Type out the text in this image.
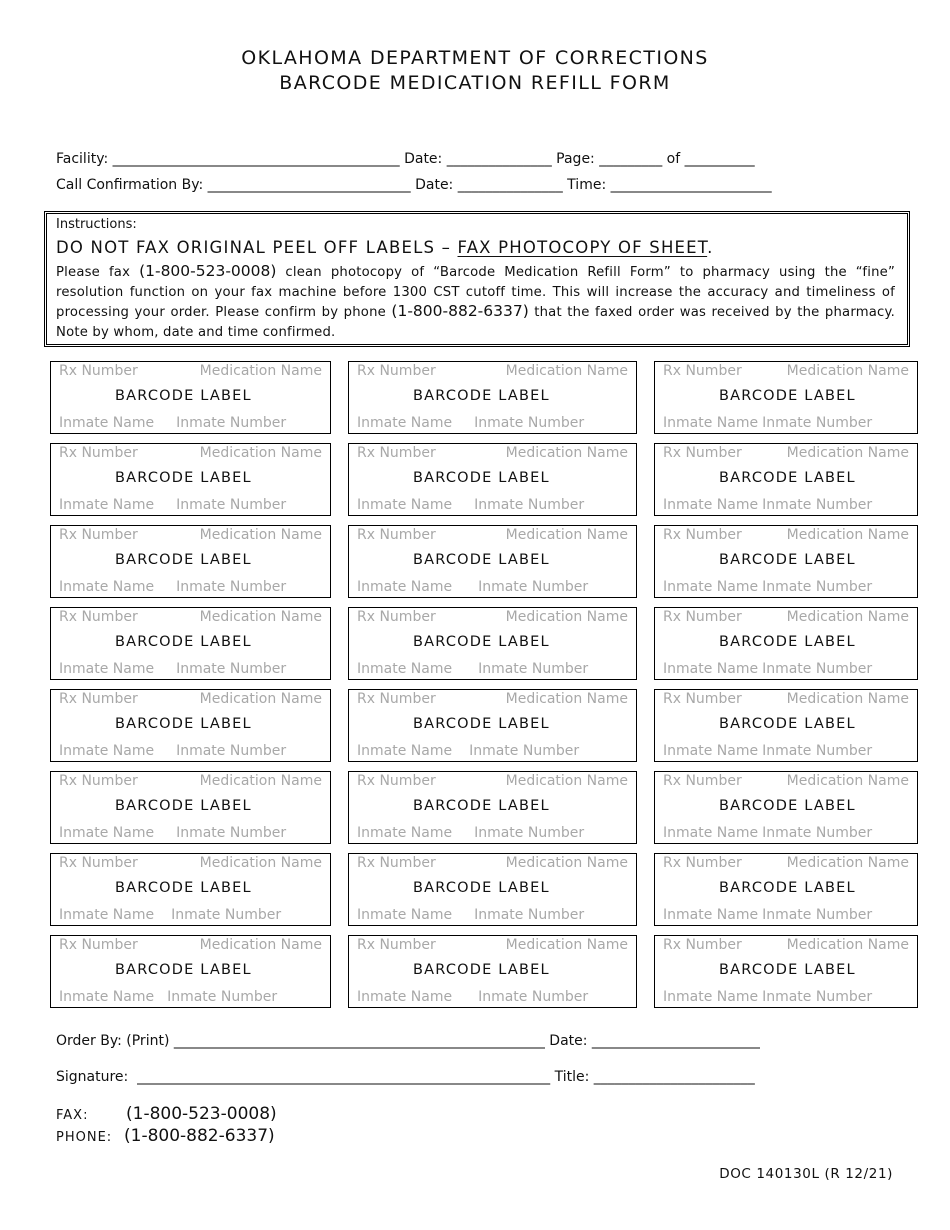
OKLAHOMA DEPARTMENT OF CORRECTIONS
BARCODE MEDICATION REFILL FORM
Facility: _________________________________________ Date: _______________ Page: _________ of __________
Call Confirmation By: _____________________________ Date: _______________ Time: _______________________
Instructions:
DO NOT FAX ORIGINAL PEEL OFF LABELS – FAX PHOTOCOPY OF SHEET.
Please fax (1-800-523-0008) clean photocopy of “Barcode Medication Refill Form” to pharmacy using the “fine” resolution function on your fax machine before 1300 CST cutoff time. This will increase the accuracy and timeliness of processing your order. Please confirm by phone (1-800-882-6337) that the faxed order was received by the pharmacy. Note by whom, date and time confirmed.
Rx Number	Medication Name
BARCODE LABEL
Inmate Name Inmate Number
Rx Number	Medication Name
BARCODE LABEL
Inmate Name Inmate Number
Rx Number	Medication Name
BARCODE LABEL
Inmate Name Inmate Number
Rx Number	Medication Name
BARCODE LABEL
Inmate Name Inmate Number
Rx Number	Medication Name
BARCODE LABEL
Inmate Name Inmate Number
Rx Number	Medication Name
BARCODE LABEL
Inmate Name Inmate Number
Rx Number	Medication Name
BARCODE LABEL
Inmate Name Inmate Number
Rx Number	Medication Name
BARCODE LABEL
Inmate Name Inmate Number
Rx Number	Medication Name
BARCODE LABEL
Inmate Name Inmate Number
Rx Number	Medication Name
BARCODE LABEL
Inmate Name Inmate Number
Rx Number	Medication Name
BARCODE LABEL
Inmate Name Inmate Number
Rx Number	Medication Name
BARCODE LABEL
Inmate Name Inmate Number
Rx Number	Medication Name
BARCODE LABEL
Inmate Name Inmate Number
Rx Number	Medication Name
BARCODE LABEL
Inmate Name Inmate Number
Rx Number	Medication Name
BARCODE LABEL
Inmate Name Inmate Number
Rx Number	Medication Name
BARCODE LABEL
Inmate Name Inmate Number
Rx Number	Medication Name
BARCODE LABEL
Inmate Name Inmate Number
Rx Number	Medication Name
BARCODE LABEL
Inmate Name Inmate Number
Rx Number	Medication Name
BARCODE LABEL
Inmate Name Inmate Number
Rx Number	Medication Name
BARCODE LABEL
Inmate Name Inmate Number
Rx Number	Medication Name
BARCODE LABEL
Inmate Name Inmate Number
Rx Number	Medication Name
BARCODE LABEL
Inmate Name Inmate Number
Rx Number	Medication Name
BARCODE LABEL
Inmate Name Inmate Number
Rx Number	Medication Name
BARCODE LABEL
Inmate Name Inmate Number
Order By: (Print) _____________________________________________________ Date: ________________________
Signature:  ___________________________________________________________ Title: _______________________
FAX: (1-800-523-0008)
PHONE: (1-800-882-6337)
DOC 140130L (R 12/21)
